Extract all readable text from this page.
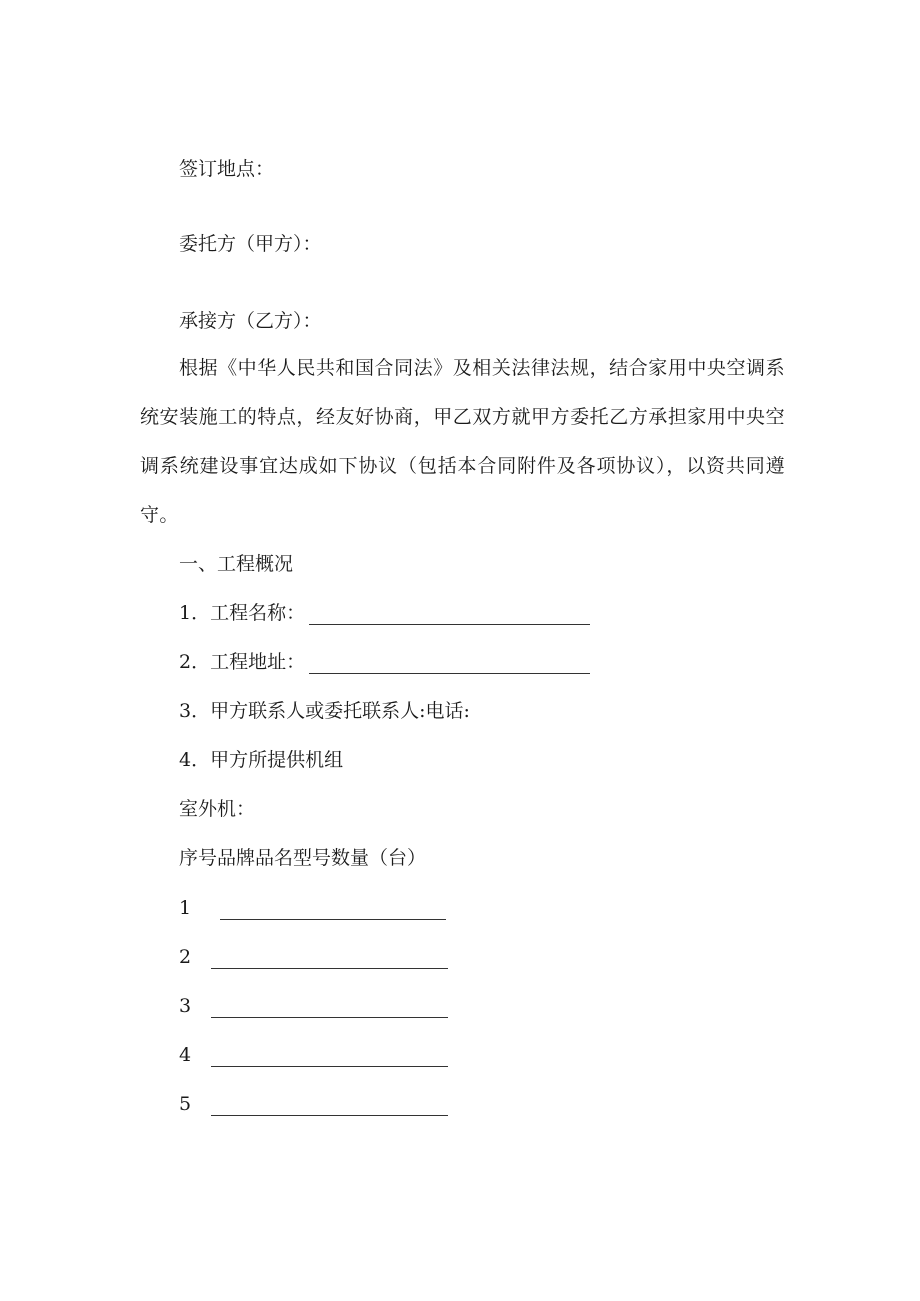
签订地点：
委托方（甲方）：
承接方（乙方）：
根据《中华人民共和国合同法》及相关法律法规，结合家用中央空调系统安装施工的特点，经友好协商，甲乙双方就甲方委托乙方承担家用中央空调系统建设事宜达成如下协议（包括本合同附件及各项协议），以资共同遵守。
一、工程概况
1．工程名称：
2．工程地址：
3．甲方联系人或委托联系人:电话:
4．甲方所提供机组
室外机：
序号品牌品名型号数量（台）
1
2
3
4
5
